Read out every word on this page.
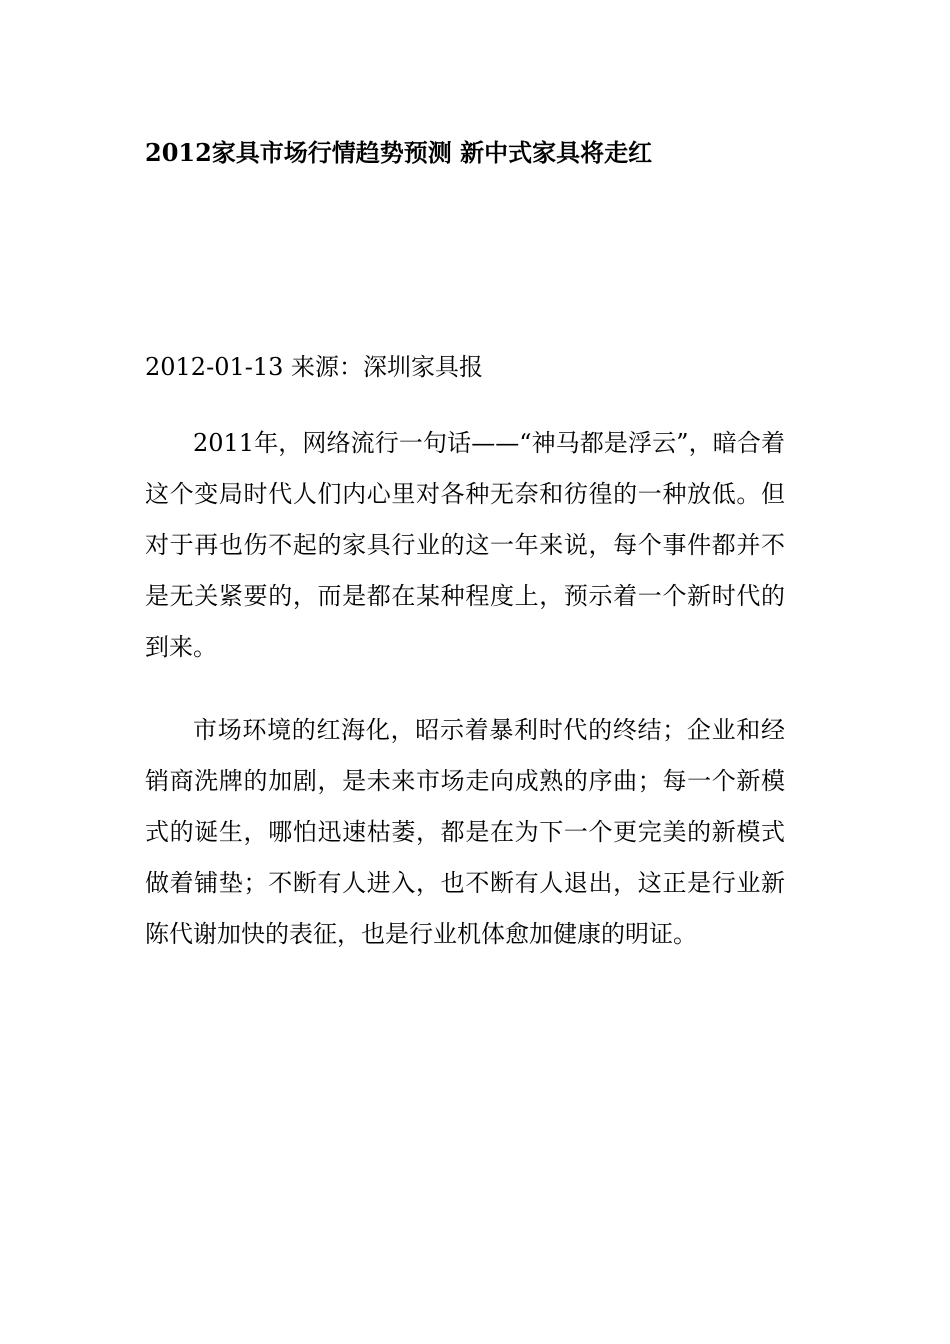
2012家具市场行情趋势预测 新中式家具将走红

2012-01-13 来源：深圳家具报

2011年，网络流行一句话——“神马都是浮云”，暗合着这个变局时代人们内心里对各种无奈和彷徨的一种放低。但对于再也伤不起的家具行业的这一年来说，每个事件都并不是无关紧要的，而是都在某种程度上，预示着一个新时代的到来。

市场环境的红海化，昭示着暴利时代的终结；企业和经销商洗牌的加剧，是未来市场走向成熟的序曲；每一个新模式的诞生，哪怕迅速枯萎，都是在为下一个更完美的新模式做着铺垫；不断有人进入，也不断有人退出，这正是行业新陈代谢加快的表征，也是行业机体愈加健康的明证。
